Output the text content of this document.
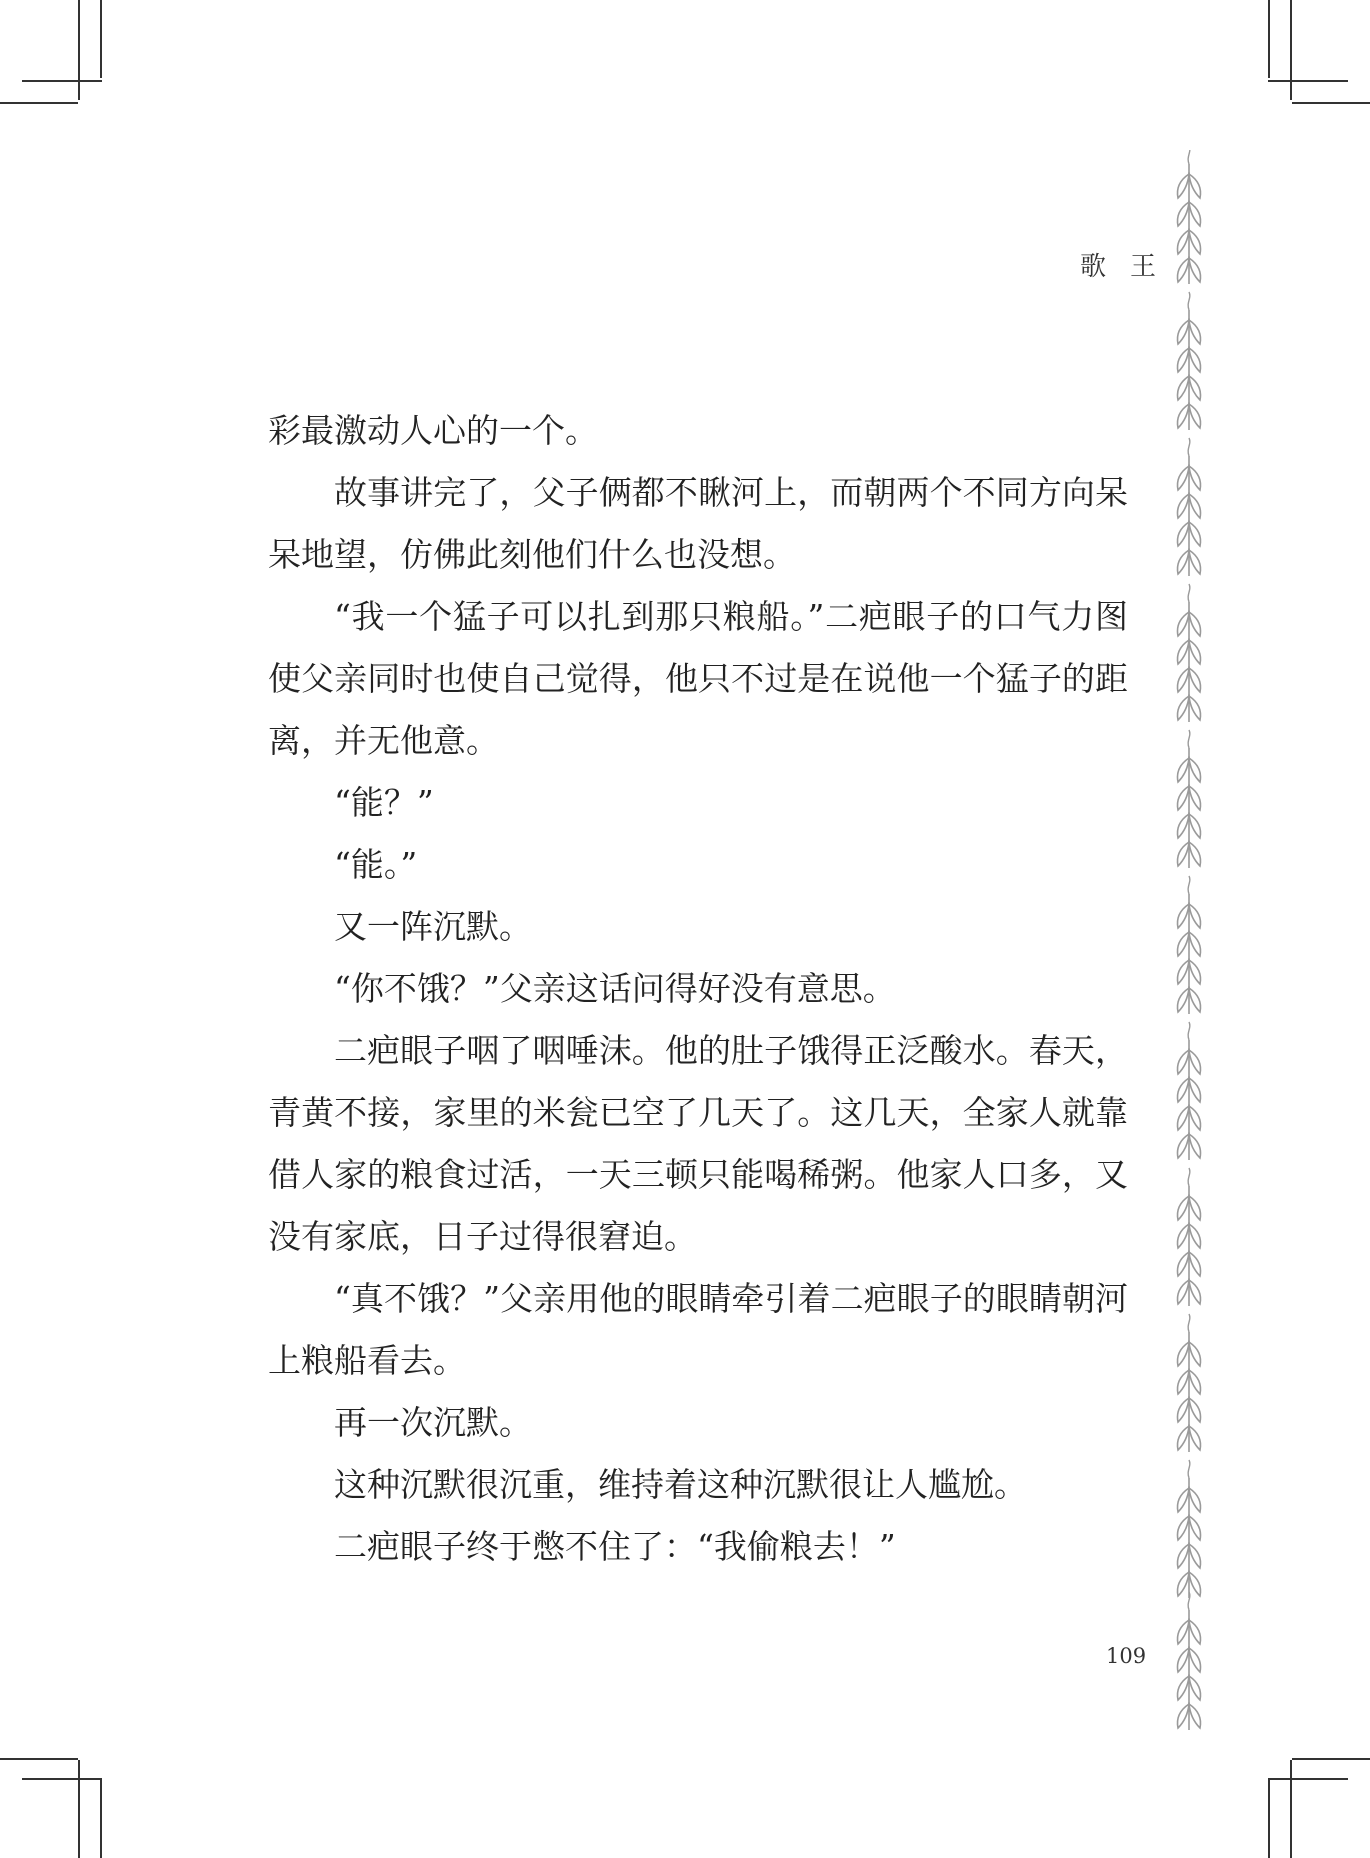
歌 王

彩最激动人心的一个。

故事讲完了，父子俩都不瞅河上，而朝两个不同方向呆呆地望，仿佛此刻他们什么也没想。

“我一个猛子可以扎到那只粮船。”二疤眼子的口气力图使父亲同时也使自己觉得，他只不过是在说他一个猛子的距离，并无他意。

“能？”

“能。”

又一阵沉默。

“你不饿？”父亲这话问得好没有意思。

二疤眼子咽了咽唾沫。他的肚子饿得正泛酸水。春天，青黄不接，家里的米瓮已空了几天了。这几天，全家人就靠借人家的粮食过活，一天三顿只能喝稀粥。他家人口多，又没有家底，日子过得很窘迫。

“真不饿？”父亲用他的眼睛牵引着二疤眼子的眼睛朝河上粮船看去。

再一次沉默。

这种沉默很沉重，维持着这种沉默很让人尴尬。

二疤眼子终于憋不住了：“我偷粮去！”

109
